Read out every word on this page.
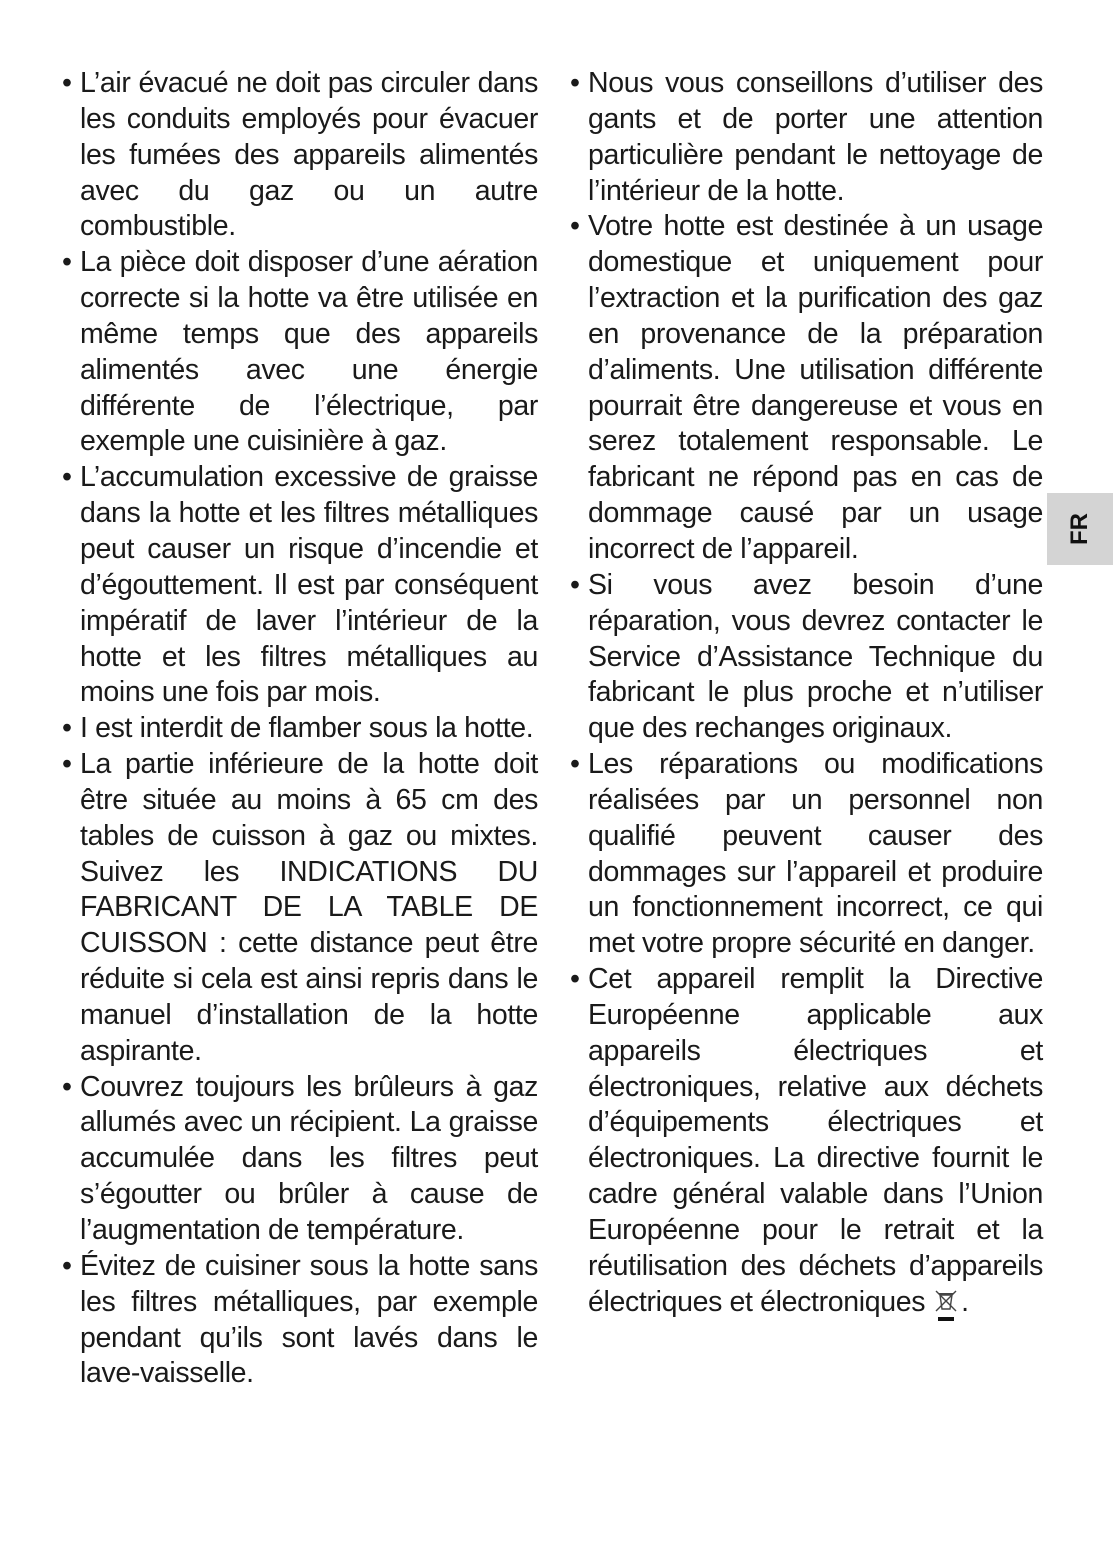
• L’air évacué ne doit pas circuler dans les conduits employés pour évacuer les fumées des appareils alimentés avec du gaz ou un autre combustible.
• La pièce doit disposer d’une aération correcte si la hotte va être utilisée en même temps que des appareils alimentés avec une énergie différente de l’électrique, par exemple une cuisinière à gaz.
• L’accumulation excessive de graisse dans la hotte et les filtres métalliques peut causer un risque d’incendie et d’égouttement. Il est par conséquent impératif de laver l’intérieur de la hotte et les filtres métalliques au moins une fois par mois.
• I est interdit de flamber sous la hotte.
• La partie inférieure de la hotte doit être située au moins à 65 cm des tables de cuisson à gaz ou mixtes. Suivez les INDICATIONS DU FABRICANT DE LA TABLE DE CUISSON : cette distance peut être réduite si cela est ainsi repris dans le manuel d’installation de la hotte aspirante.
• Couvrez toujours les brûleurs à gaz allumés avec un récipient. La graisse accumulée dans les filtres peut s’égoutter ou brûler à cause de l’augmentation de température.
• Évitez de cuisiner sous la hotte sans les filtres métalliques, par exemple pendant qu’ils sont lavés dans le lave-vaisselle.
• Nous vous conseillons d’utiliser des gants et de porter une attention particulière pendant le nettoyage de l’intérieur de la hotte.
• Votre hotte est destinée à un usage domestique et uniquement pour l’extraction et la purification des gaz en provenance de la préparation d’aliments. Une utilisation différente pourrait être dangereuse et vous en serez totalement responsable. Le fabricant ne répond pas en cas de dommage causé par un usage incorrect de l’appareil.
• Si vous avez besoin d’une réparation, vous devrez contacter le Service d’Assistance Technique du fabricant le plus proche et n’utiliser que des rechanges originaux.
• Les réparations ou modifications réalisées par un personnel non qualifié peuvent causer des dommages sur l’appareil et produire un fonctionnement incorrect, ce qui met votre propre sécurité en danger.
• Cet appareil remplit la Directive Européenne applicable aux appareils électriques et électroniques, relative aux déchets d’équipements électriques et électroniques. La directive fournit le cadre général valable dans l’Union Européenne pour le retrait et la réutilisation des déchets d’appareils électriques et électroniques .
FR
